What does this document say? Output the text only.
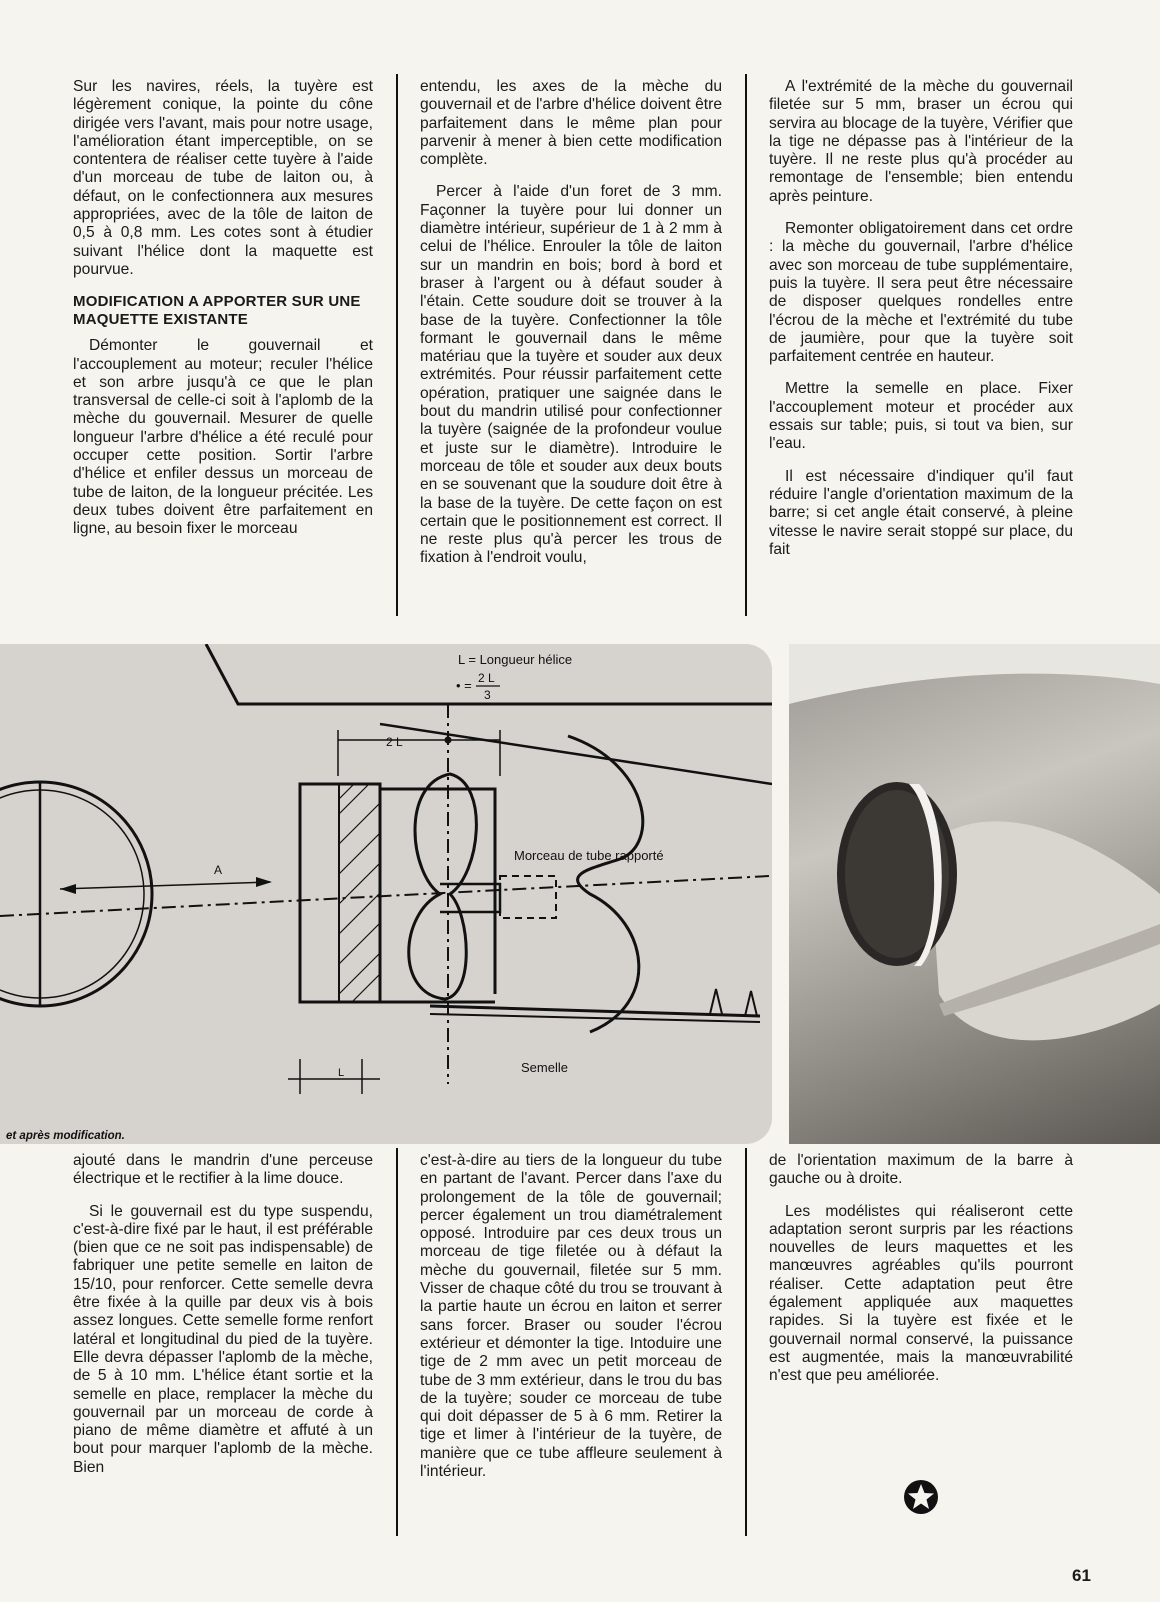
Sur les navires, réels, la tuyère est légèrement conique, la pointe du cône dirigée vers l'avant, mais pour notre usage, l'amélioration étant imperceptible, on se contentera de réaliser cette tuyère à l'aide d'un morceau de tube de laiton ou, à défaut, on le confectionnera aux mesures appropriées, avec de la tôle de laiton de 0,5 à 0,8 mm. Les cotes sont à étudier suivant l'hélice dont la maquette est pourvue.

MODIFICATION A APPORTER SUR UNE MAQUETTE EXISTANTE

Démonter le gouvernail et l'accouplement au moteur; reculer l'hélice et son arbre jusqu'à ce que le plan transversal de celle-ci soit à l'aplomb de la mèche du gouvernail. Mesurer de quelle longueur l'arbre d'hélice a été reculé pour occuper cette position. Sortir l'arbre d'hélice et enfiler dessus un morceau de tube de laiton, de la longueur précitée. Les deux tubes doivent être parfaitement en ligne, au besoin fixer le morceau

entendu, les axes de la mèche du gouvernail et de l'arbre d'hélice doivent être parfaitement dans le même plan pour parvenir à mener à bien cette modification complète.

Percer à l'aide d'un foret de 3 mm. Façonner la tuyère pour lui donner un diamètre intérieur, supérieur de 1 à 2 mm à celui de l'hélice. Enrouler la tôle de laiton sur un mandrin en bois; bord à bord et braser à l'argent ou à défaut souder à l'étain. Cette soudure doit se trouver à la base de la tuyère. Confectionner la tôle formant le gouvernail dans le même matériau que la tuyère et souder aux deux extrémités. Pour réussir parfaitement cette opération, pratiquer une saignée dans le bout du mandrin utilisé pour confectionner la tuyère (saignée de la profondeur voulue et juste sur le diamètre). Introduire le morceau de tôle et souder aux deux bouts en se souvenant que la soudure doit être à la base de la tuyère. De cette façon on est certain que le positionnement est correct. Il ne reste plus qu'à percer les trous de fixation à l'endroit voulu,

A l'extrémité de la mèche du gouvernail filetée sur 5 mm, braser un écrou qui servira au blocage de la tuyère, Vérifier que la tige ne dépasse pas à l'intérieur de la tuyère. Il ne reste plus qu'à procéder au remontage de l'ensemble; bien entendu après peinture.

Remonter obligatoirement dans cet ordre : la mèche du gouvernail, l'arbre d'hélice avec son morceau de tube supplémentaire, puis la tuyère. Il sera peut être nécessaire de disposer quelques rondelles entre l'écrou de la mèche et l'extrémité du tube de jaumière, pour que la tuyère soit parfaitement centrée en hauteur.

Mettre la semelle en place. Fixer l'accouplement moteur et procéder aux essais sur table; puis, si tout va bien, sur l'eau.

Il est nécessaire d'indiquer qu'il faut réduire l'angle d'orientation maximum de la barre; si cet angle était conservé, à pleine vitesse le navire serait stoppé sur place, du fait

L = Longueur hélice
• = 2 L
3
2 L
A
L
Morceau de tube rapporté
Semelle
et après modification.

ajouté dans le mandrin d'une perceuse électrique et le rectifier à la lime douce.

Si le gouvernail est du type suspendu, c'est-à-dire fixé par le haut, il est préférable (bien que ce ne soit pas indispensable) de fabriquer une petite semelle en laiton de 15/10, pour renforcer. Cette semelle devra être fixée à la quille par deux vis à bois assez longues. Cette semelle forme renfort latéral et longitudinal du pied de la tuyère. Elle devra dépasser l'aplomb de la mèche, de 5 à 10 mm. L'hélice étant sortie et la semelle en place, remplacer la mèche du gouvernail par un morceau de corde à piano de même diamètre et affuté à un bout pour marquer l'aplomb de la mèche. Bien

c'est-à-dire au tiers de la longueur du tube en partant de l'avant. Percer dans l'axe du prolongement de la tôle de gouvernail; percer également un trou diamétralement opposé. Introduire par ces deux trous un morceau de tige filetée ou à défaut la mèche du gouvernail, filetée sur 5 mm. Visser de chaque côté du trou se trouvant à la partie haute un écrou en laiton et serrer sans forcer. Braser ou souder l'écrou extérieur et démonter la tige. Intoduire une tige de 2 mm avec un petit morceau de tube de 3 mm extérieur, dans le trou du bas de la tuyère; souder ce morceau de tube qui doit dépasser de 5 à 6 mm. Retirer la tige et limer à l'intérieur de la tuyère, de manière que ce tube affleure seulement à l'intérieur.

de l'orientation maximum de la barre à gauche ou à droite.

Les modélistes qui réaliseront cette adaptation seront surpris par les réactions nouvelles de leurs maquettes et les manœuvres agréables qu'ils pourront réaliser. Cette adaptation peut être également appliquée aux maquettes rapides. Si la tuyère est fixée et le gouvernail normal conservé, la puissance est augmentée, mais la manœuvrabilité n'est que peu améliorée.

61
